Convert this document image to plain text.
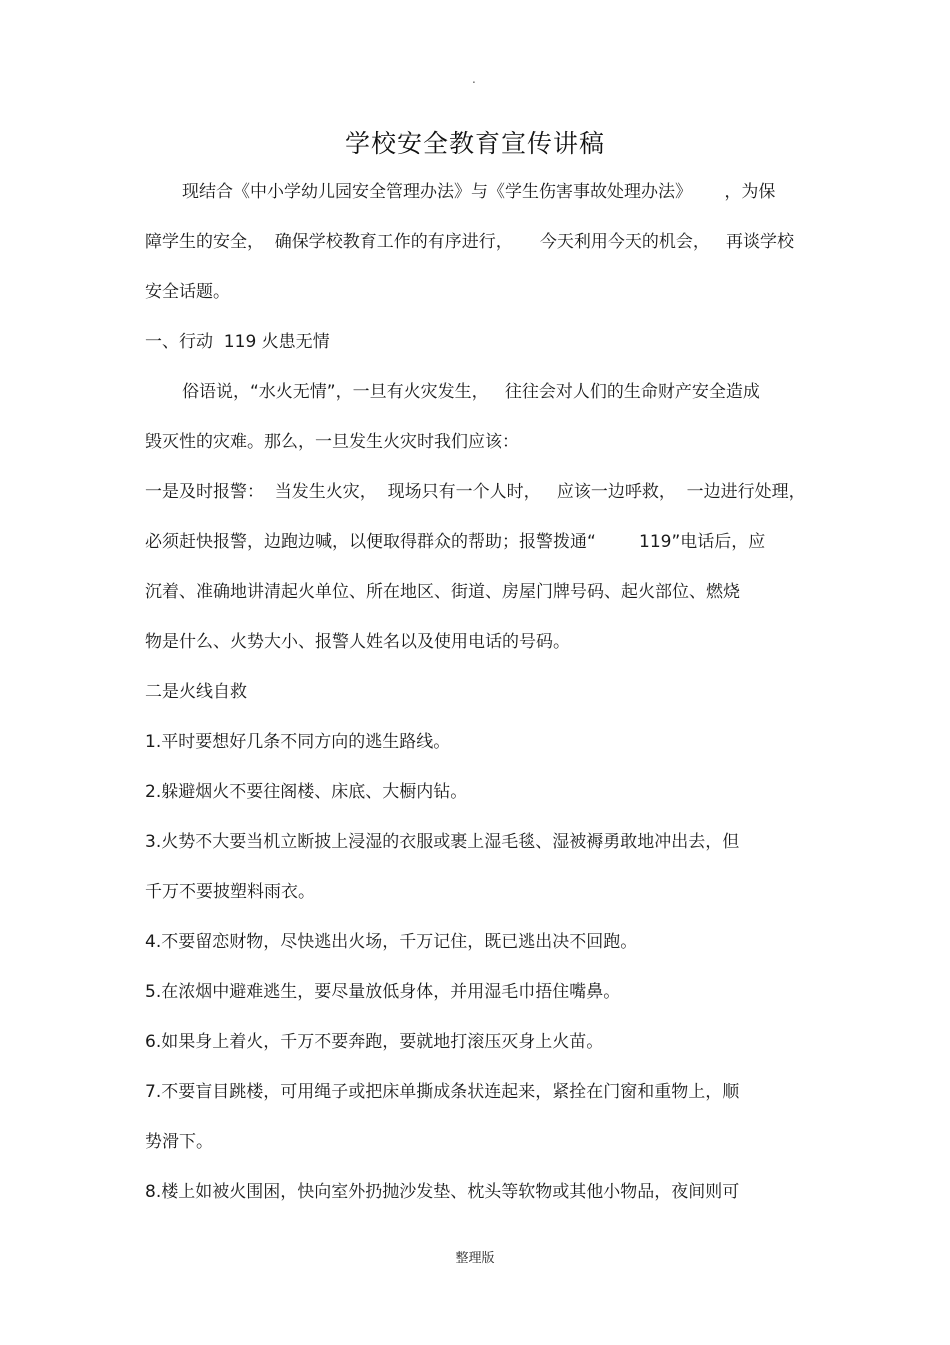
.
学校安全教育宣传讲稿
现结合《中小学幼儿园安全管理办法》与《学生伤害事故处理办法》      ，为保
障学生的安全，  确保学校教育工作的有序进行，     今天利用今天的机会，   再谈学校
安全话题。
一、行动  119 火患无情
俗语说，“水火无情”，一旦有火灾发生，   往往会对人们的生命财产安全造成
毁灭性的灾难。那么，一旦发生火灾时我们应该：
一是及时报警：  当发生火灾，  现场只有一个人时，   应该一边呼救，  一边进行处理，
必须赶快报警，边跑边喊，以便取得群众的帮助；报警拨通“        119”电话后，应
沉着、准确地讲清起火单位、所在地区、街道、房屋门牌号码、起火部位、燃烧
物是什么、火势大小、报警人姓名以及使用电话的号码。
二是火线自救
1.平时要想好几条不同方向的逃生路线。
2.躲避烟火不要往阁楼、床底、大橱内钻。
3.火势不大要当机立断披上浸湿的衣服或裹上湿毛毯、湿被褥勇敢地冲出去，但
千万不要披塑料雨衣。
4.不要留恋财物，尽快逃出火场，千万记住，既已逃出决不回跑。
5.在浓烟中避难逃生，要尽量放低身体，并用湿毛巾捂住嘴鼻。
6.如果身上着火，千万不要奔跑，要就地打滚压灭身上火苗。
7.不要盲目跳楼，可用绳子或把床单撕成条状连起来，紧拴在门窗和重物上，顺
势滑下。
8.楼上如被火围困，快向室外扔抛沙发垫、枕头等软物或其他小物品，夜间则可
整理版
